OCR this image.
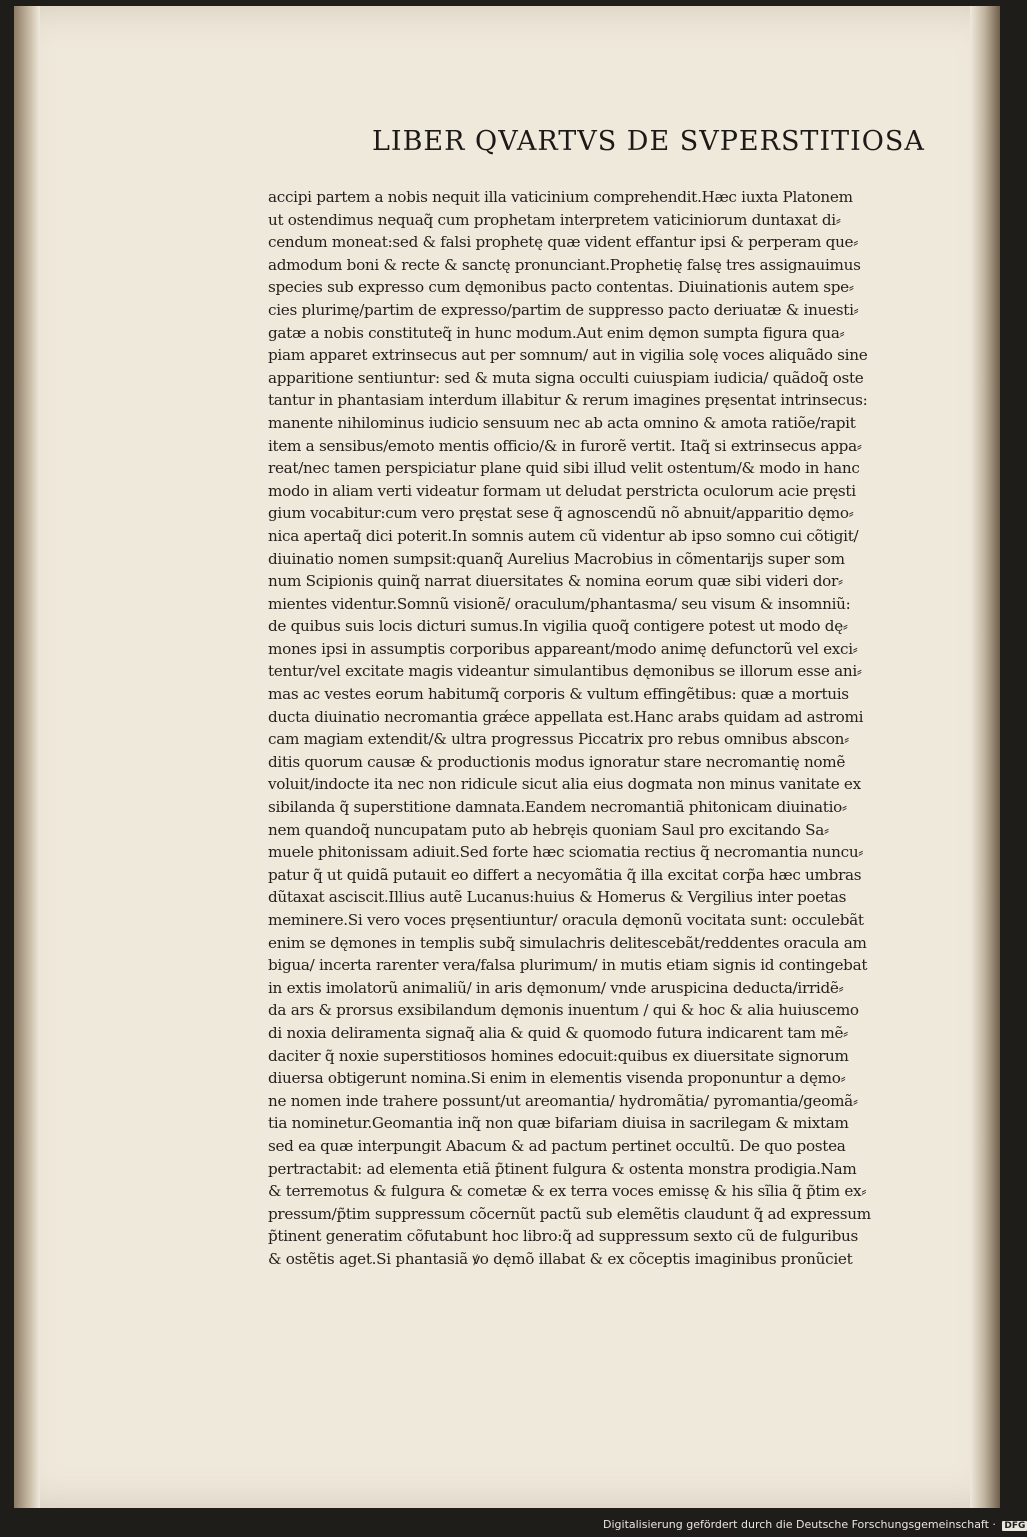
LIBER QVARTVS DE SVPERSTITIOSA
accipi partem a nobis nequit illa vaticinium comprehendit.Hæc iuxta Platonem
ut ostendimus nequaq̃ cum prophetam interpretem vaticiniorum duntaxat di⸗
cendum moneat:sed & falsi prophetę quæ vident effantur ipsi & perperam que⸗
admodum boni & recte & sanctę pronunciant.Prophetię falsę tres assignauimus
species sub expresso cum dęmonibus pacto contentas. Diuinationis autem spe⸗
cies plurimę/partim de expresso/partim de suppresso pacto deriuatæ & inuesti⸗
gatæ a nobis constituteq̃ in hunc modum.Aut enim dęmon sumpta figura qua⸗
piam apparet extrinsecus aut per somnum/ aut in vigilia solę voces aliquãdo sine
apparitione sentiuntur: sed & muta signa occulti cuiuspiam iudicia/ quãdoq̃ oste
tantur in phantasiam interdum illabitur & rerum imagines pręsentat intrinsecus:
manente nihilominus iudicio sensuum nec ab acta omnino & amota ratiõe/rapit
item a sensibus/emoto mentis officio/& in furorẽ vertit. Itaq̃ si extrinsecus appa⸗
reat/nec tamen perspiciatur plane quid sibi illud velit ostentum/& modo in hanc
modo in aliam verti videatur formam ut deludat perstricta oculorum acie pręsti
gium vocabitur:cum vero pręstat sese q̃ agnoscendũ nõ abnuit/apparitio dęmo⸗
nica apertaq̃ dici poterit.In somnis autem cũ videntur ab ipso somno cui cõtigit/
diuinatio nomen sumpsit:quanq̃ Aurelius Macrobius in cõmentarijs super som
num Scipionis quinq̃ narrat diuersitates & nomina eorum quæ sibi videri dor⸗
mientes videntur.Somnũ visionẽ/ oraculum/phantasma/ seu visum & insomniũ:
de quibus suis locis dicturi sumus.In vigilia quoq̃ contigere potest ut modo dę⸗
mones ipsi in assumptis corporibus appareant/modo animę defunctorũ vel exci⸗
tentur/vel excitate magis videantur simulantibus dęmonibus se illorum esse ani⸗
mas ac vestes eorum habitumq̃ corporis & vultum effingẽtibus: quæ a mortuis
ducta diuinatio necromantia grǽce appellata est.Hanc arabs quidam ad astromi
cam magiam extendit/& ultra progressus Piccatrix pro rebus omnibus abscon⸗
ditis quorum causæ & productionis modus ignoratur stare necromantię nomẽ
voluit/indocte ita nec non ridicule sicut alia eius dogmata non minus vanitate ex
sibilanda q̃ superstitione damnata.Eandem necromantiã phitonicam diuinatio⸗
nem quandoq̃ nuncupatam puto ab hebręis quoniam Saul pro excitando Sa⸗
muele phitonissam adiuit.Sed forte hæc sciomatia rectius q̃ necromantia nuncu⸗
patur q̃ ut quidã putauit eo differt a necyomãtia q̃ illa excitat corp̃a hæc umbras
dũtaxat asciscit.Illius autẽ Lucanus:huius & Homerus & Vergilius inter poetas
meminere.Si vero voces pręsentiuntur/ oracula dęmonũ vocitata sunt: occulebãt
enim se dęmones in templis subq̃ simulachris delitescebãt/reddentes oracula am
bigua/ incerta rarenter vera/falsa plurimum/ in mutis etiam signis id contingebat
in extis imolatorũ animaliũ/ in aris dęmonum/ vnde aruspicina deducta/irridẽ⸗
da ars & prorsus exsibilandum dęmonis inuentum / qui & hoc & alia huiuscemo
di noxia deliramenta signaq̃ alia & quid & quomodo futura indicarent tam mẽ⸗
daciter q̃ noxie superstitiosos homines edocuit:quibus ex diuersitate signorum
diuersa obtigerunt nomina.Si enim in elementis visenda proponuntur a dęmo⸗
ne nomen inde trahere possunt/ut areomantia/ hydromãtia/ pyromantia/geomã⸗
tia nominetur.Geomantia inq̃ non quæ bifariam diuisa in sacrilegam & mixtam
sed ea quæ interpungit Abacum & ad pactum pertinet occultũ. De quo postea
pertractabit: ad elementa etiã p̃tinent fulgura & ostenta monstra prodigia.Nam
& terremotus & fulgura & cometæ & ex terra voces emissę & his sĩlia q̃ p̃tim ex⸗
pressum/p̃tim suppressum cõcernũt pactũ sub elemẽtis claudunt q̃ ad expressum
p̃tinent generatim cõfutabunt hoc libro:q̃ ad suppressum sexto cũ de fulguribus
& ostẽtis aget.Si phantasiã ꝟo dęmõ illabat & ex cõceptis imaginibus pronũciet
Digitalisierung gefördert durch die Deutsche Forschungsgemeinschaft · DFG
